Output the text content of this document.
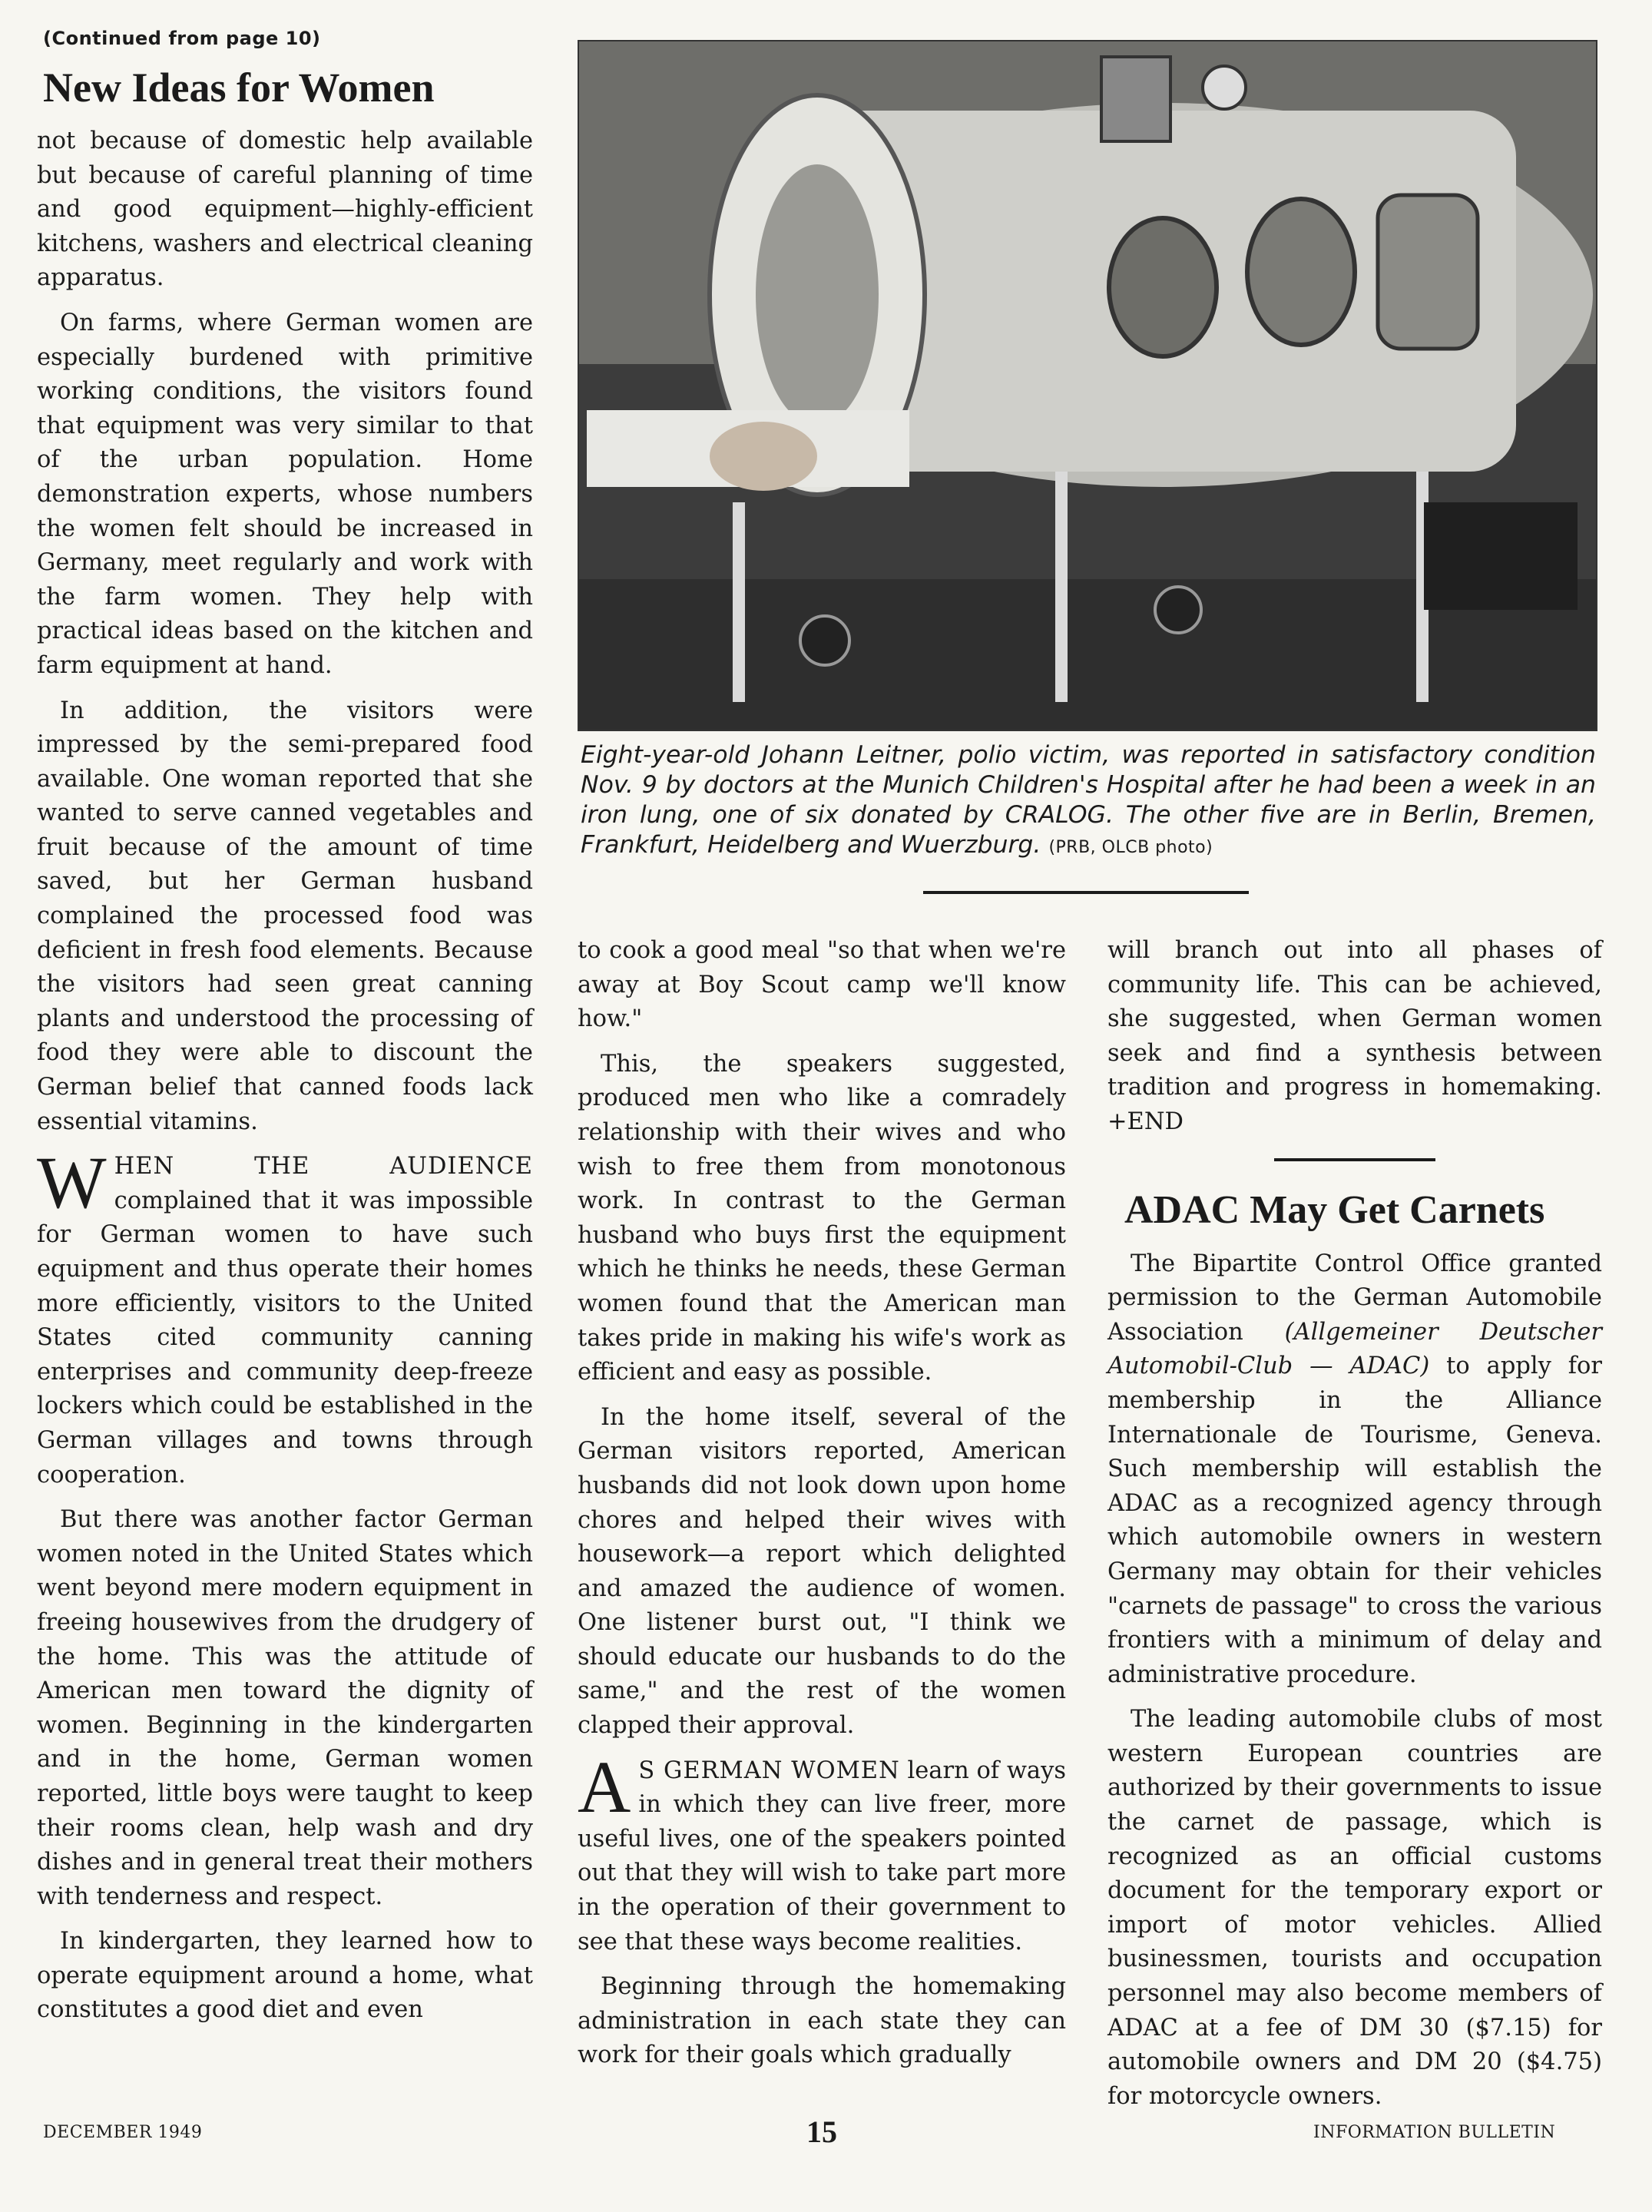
(Continued from page 10)
New Ideas for Women

not because of domestic help available but because of careful planning of time and good equipment—highly-efficient kitchens, washers and electrical cleaning apparatus.

On farms, where German women are especially burdened with primitive working conditions, the visitors found that equipment was very similar to that of the urban population. Home demonstration experts, whose numbers the women felt should be increased in Germany, meet regularly and work with the farm women. They help with practical ideas based on the kitchen and farm equipment at hand.

In addition, the visitors were impressed by the semi-prepared food available. One woman reported that she wanted to serve canned vegetables and fruit because of the amount of time saved, but her German husband complained the processed food was deficient in fresh food elements. Because the visitors had seen great canning plants and understood the processing of food they were able to discount the German belief that canned foods lack essential vitamins.

WHEN THE AUDIENCE complained that it was impossible for German women to have such equipment and thus operate their homes more efficiently, visitors to the United States cited community canning enterprises and community deep-freeze lockers which could be established in the German villages and towns through cooperation.

But there was another factor German women noted in the United States which went beyond mere modern equipment in freeing housewives from the drudgery of the home. This was the attitude of American men toward the dignity of women. Beginning in the kindergarten and in the home, German women reported, little boys were taught to keep their rooms clean, help wash and dry dishes and in general treat their mothers with tenderness and respect.

In kindergarten, they learned how to operate equipment around a home, what constitutes a good diet and even

Eight-year-old Johann Leitner, polio victim, was reported in satisfactory condition Nov. 9 by doctors at the Munich Children's Hospital after he had been a week in an iron lung, one of six donated by CRALOG. The other five are in Berlin, Bremen, Frankfurt, Heidelberg and Wuerzburg. (PRB, OLCB photo)

to cook a good meal "so that when we're away at Boy Scout camp we'll know how."

This, the speakers suggested, produced men who like a comradely relationship with their wives and who wish to free them from monotonous work. In contrast to the German husband who buys first the equipment which he thinks he needs, these German women found that the American man takes pride in making his wife's work as efficient and easy as possible.

In the home itself, several of the German visitors reported, American husbands did not look down upon home chores and helped their wives with housework—a report which delighted and amazed the audience of women. One listener burst out, "I think we should educate our husbands to do the same," and the rest of the women clapped their approval.

A S GERMAN WOMEN learn of ways in which they can live freer, more useful lives, one of the speakers pointed out that they will wish to take part more in the operation of their government to see that these ways become realities.

Beginning through the homemaking administration in each state they can work for their goals which gradually

will branch out into all phases of community life. This can be achieved, she suggested, when German women seek and find a synthesis between tradition and progress in homemaking. +END

ADAC May Get Carnets

The Bipartite Control Office granted permission to the German Automobile Association (Allgemeiner Deutscher Automobil-Club — ADAC) to apply for membership in the Alliance Internationale de Tourisme, Geneva. Such membership will establish the ADAC as a recognized agency through which automobile owners in western Germany may obtain for their vehicles "carnets de passage" to cross the various frontiers with a minimum of delay and administrative procedure.

The leading automobile clubs of most western European countries are authorized by their governments to issue the carnet de passage, which is recognized as an official customs document for the temporary export or import of motor vehicles. Allied businessmen, tourists and occupation personnel may also become members of ADAC at a fee of DM 30 ($7.15) for automobile owners and DM 20 ($4.75) for motorcycle owners.

DECEMBER 1949	15	INFORMATION BULLETIN
